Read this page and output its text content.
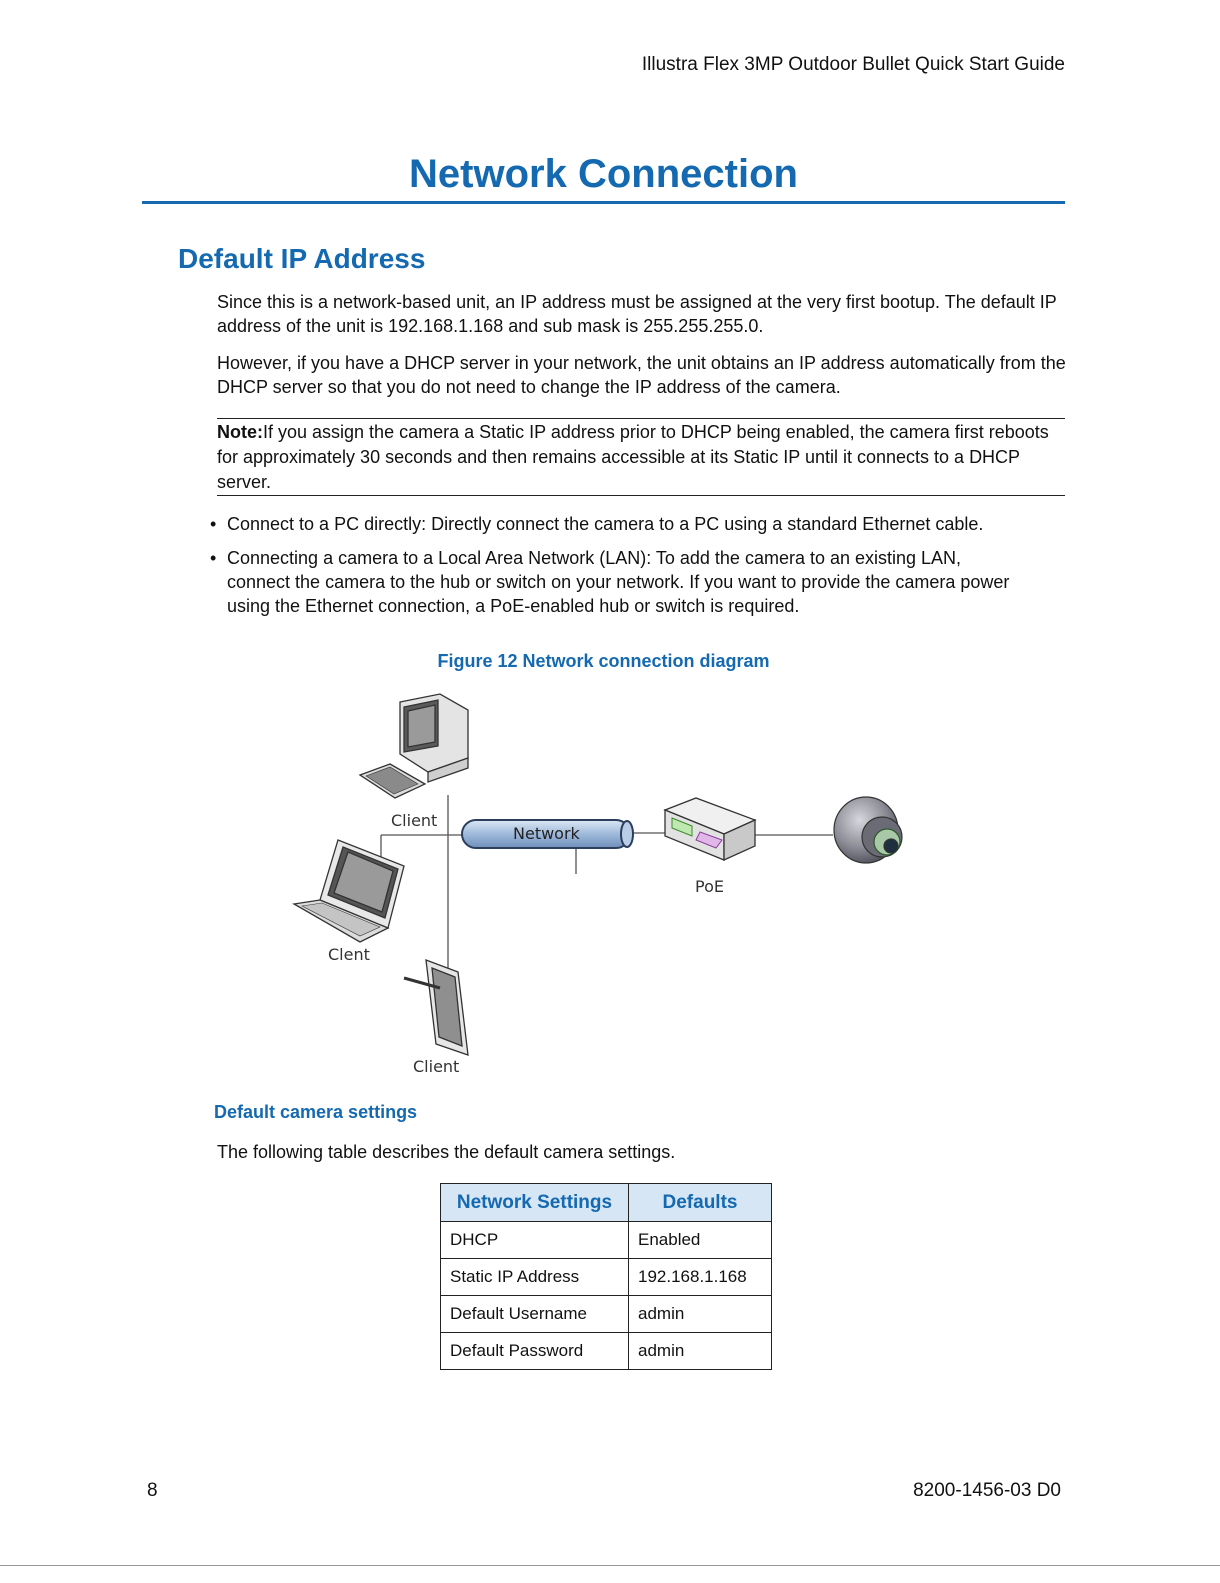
Illustra Flex 3MP Outdoor Bullet Quick Start Guide
Network Connection
Default IP Address
Since this is a network-based unit, an IP address must be assigned at the very first bootup. The default IP address of the unit is 192.168.1.168 and sub mask is 255.255.255.0.
However, if you have a DHCP server in your network, the unit obtains an IP address automatically from the DHCP server so that you do not need to change the IP address of the camera.
Note:If you assign the camera a Static IP address prior to DHCP being enabled, the camera first reboots for approximately 30 seconds and then remains accessible at its Static IP until it connects to a DHCP server.
• Connect to a PC directly: Directly connect the camera to a PC using a standard Ethernet cable.
• Connecting a camera to a Local Area Network (LAN): To add the camera to an existing LAN, connect the camera to the hub or switch on your network. If you want to provide the camera power using the Ethernet connection, a PoE-enabled hub or switch is required.
Figure 12 Network connection diagram
Client
Network
PoE
Clent
Client
Default camera settings
The following table describes the default camera settings.
Network Settings	Defaults
DHCP	Enabled
Static IP Address	192.168.1.168
Default Username	admin
Default Password	admin
8	8200-1456-03 D0
